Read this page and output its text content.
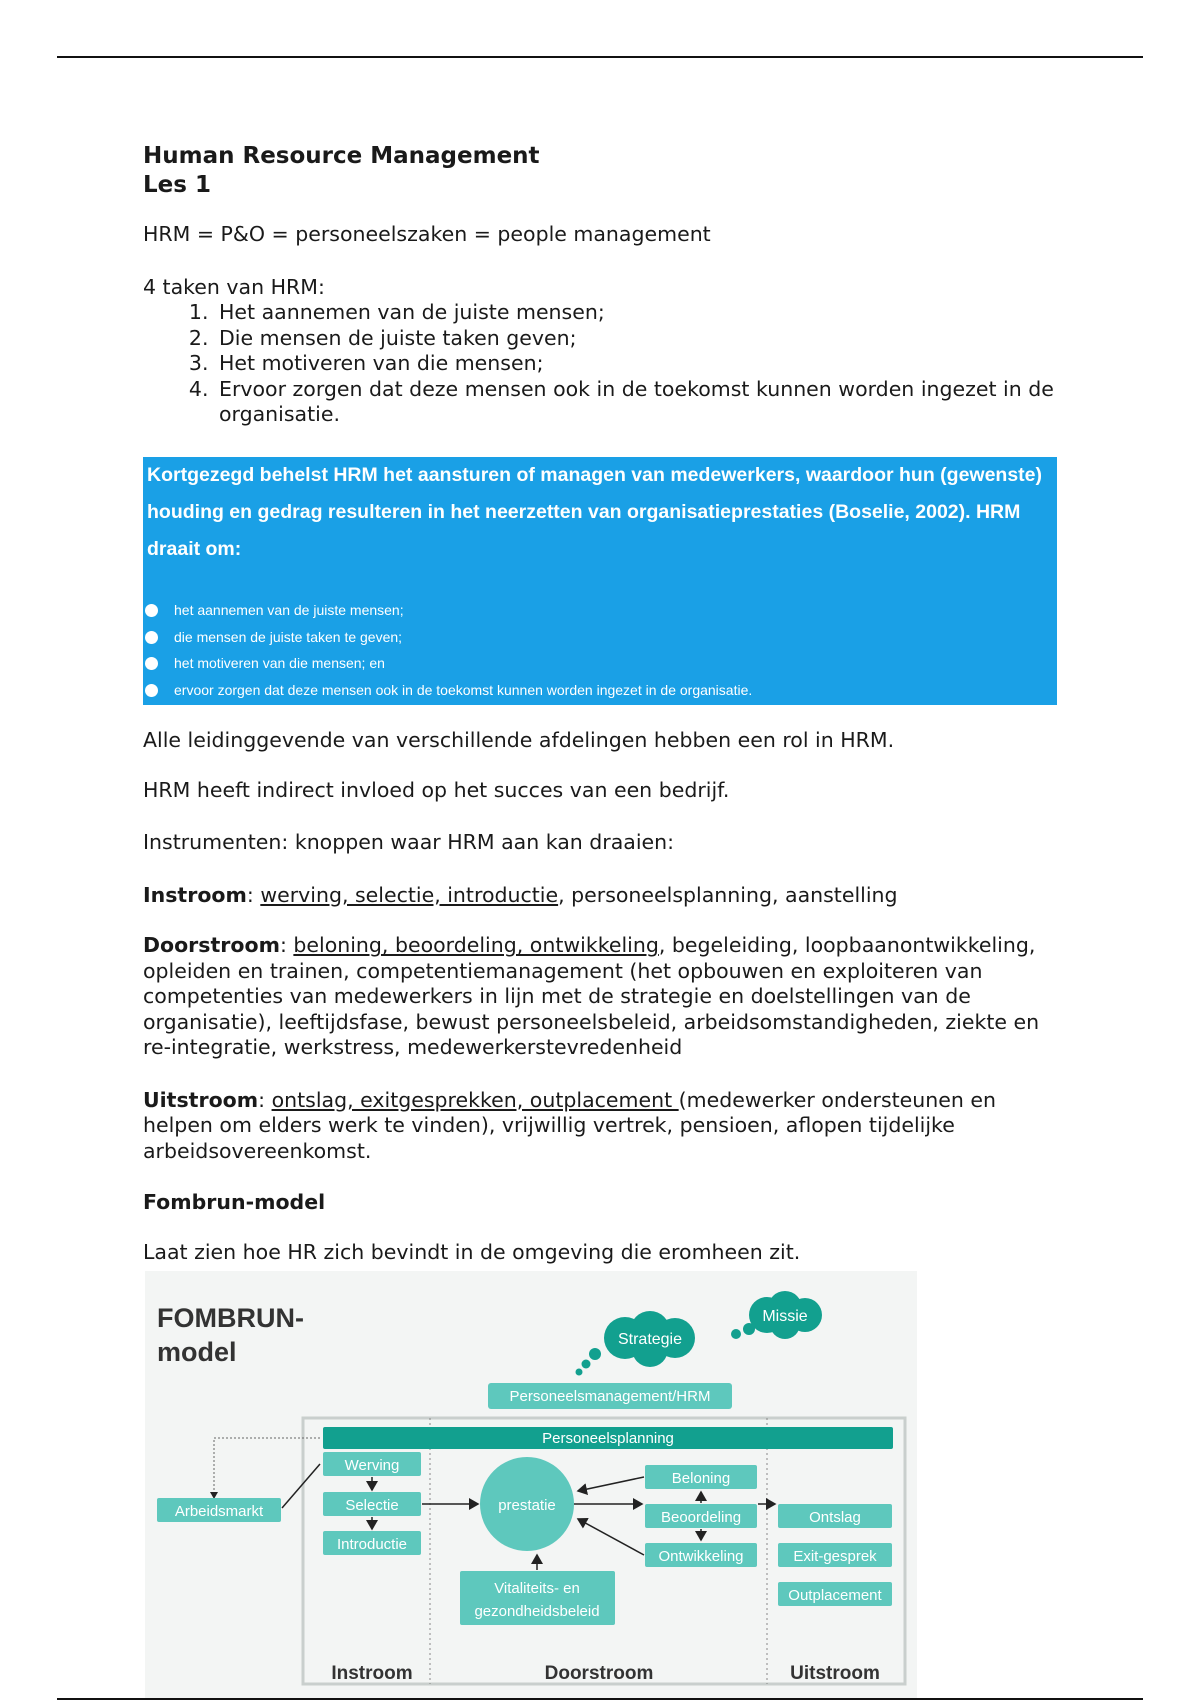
Human Resource Management
Les 1

HRM = P&O = personeelszaken = people management

4 taken van HRM:

1. Het aannemen van de juiste mensen;
2. Die mensen de juiste taken geven;
3. Het motiveren van die mensen;
4. Ervoor zorgen dat deze mensen ook in de toekomst kunnen worden ingezet in de organisatie.
Kortgezegd behelst HRM het aansturen of managen van medewerkers, waardoor hun (gewenste) houding en gedrag resulteren in het neerzetten van organisatieprestaties (Boselie, 2002). HRM draait om:
het aannemen van de juiste mensen;
die mensen de juiste taken te geven;
het motiveren van die mensen; en
ervoor zorgen dat deze mensen ook in de toekomst kunnen worden ingezet in de organisatie.

Alle leidinggevende van verschillende afdelingen hebben een rol in HRM.

HRM heeft indirect invloed op het succes van een bedrijf.

Instrumenten: knoppen waar HRM aan kan draaien:

Instroom: werving, selectie, introductie, personeelsplanning, aanstelling

Doorstroom: beloning, beoordeling, ontwikkeling, begeleiding, loopbaanontwikkeling, opleiden en trainen, competentiemanagement (het opbouwen en exploiteren van competenties van medewerkers in lijn met de strategie en doelstellingen van de organisatie), leeftijdsfase, bewust personeelsbeleid, arbeidsomstandigheden, ziekte en re-integratie, werkstress, medewerkerstevredenheid

Uitstroom: ontslag, exitgesprekken, outplacement (medewerker ondersteunen en helpen om elders werk te vinden), vrijwillig vertrek, pensioen, aflopen tijdelijke arbeidsovereenkomst.

Fombrun-model

Laat zien hoe HR zich bevindt in de omgeving die eromheen zit.

FOMBRUN-
model
Missie
Strategie
Personeelsmanagement/HRM
Personeelsplanning
Arbeidsmarkt
Werving
Selectie
Introductie
prestatie
Beloning
Beoordeling
Ontwikkeling
Ontslag
Exit-gesprek
Outplacement
Vitaliteits- en
gezondheidsbeleid
Instroom	Doorstroom	Uitstroom
